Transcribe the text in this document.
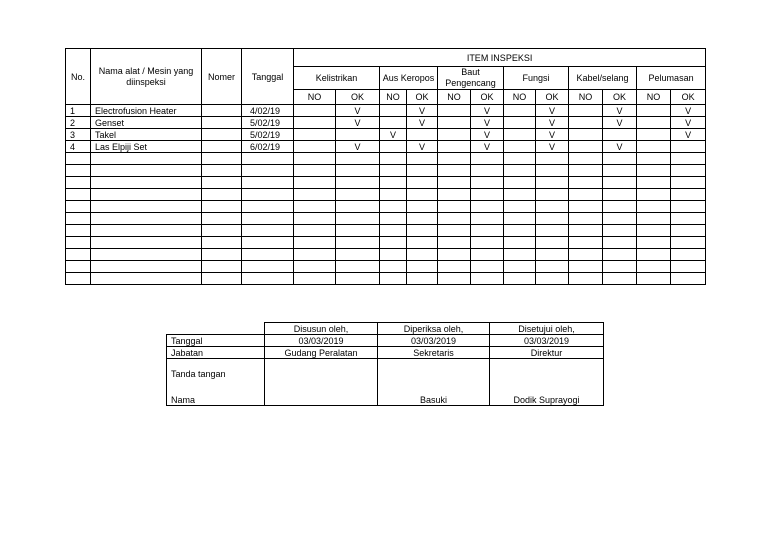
No.	Nama alat / Mesin yang diinspeksi	Nomer	Tanggal	ITEM INSPEKSI											
				Kelistrikan		Aus Keropos		Baut Pengencang		Fungsi		Kabel/selang		Pelumasan	
				NO	OK	NO	OK	NO	OK	NO	OK	NO	OK	NO	OK
1	Electrofusion Heater		4/02/19		V		V		V		V		V		V
2	Genset		5/02/19		V		V		V		V		V		V
3	Takel		5/02/19			V			V		V				V
4	Las Elpiji Set		6/02/19		V		V		V		V		V		

	Disusun oleh,	Diperiksa oleh,	Disetujui oleh,
Tanggal	03/03/2019	03/03/2019	03/03/2019
Jabatan	Gudang Peralatan	Sekretaris	Direktur

Tanda tangan
Nama		Basuki	Dodik Suprayogi
